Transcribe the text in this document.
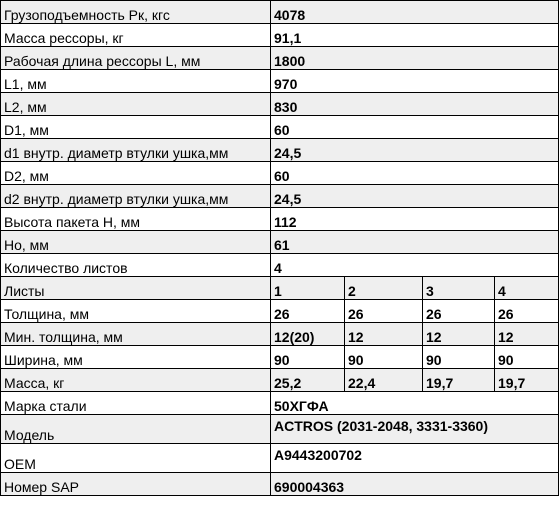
Грузоподъемность Рк, кгс	4078			
Масса рессоры, кг	91,1			
Рабочая длина рессоры L, мм	1800			
L1, мм	970			
L2, мм	830			
D1, мм	60			
d1 внутр. диаметр втулки ушка,мм	24,5			
D2, мм	60			
d2 внутр. диаметр втулки ушка,мм	24,5			
Высота пакета H, мм	112			
Ho, мм	61			
Количество листов	4			
Листы	1	2	3	4
Толщина, мм	26	26	26	26
Мин. толщина, мм	12(20)	12	12	12
Ширина, мм	90	90	90	90
Масса, кг	25,2	22,4	19,7	19,7
Марка стали	50ХГФА			
Модель	ACTROS (2031-2048, 3331-3360)			
OEM	A9443200702			
Номер SAP	690004363			
